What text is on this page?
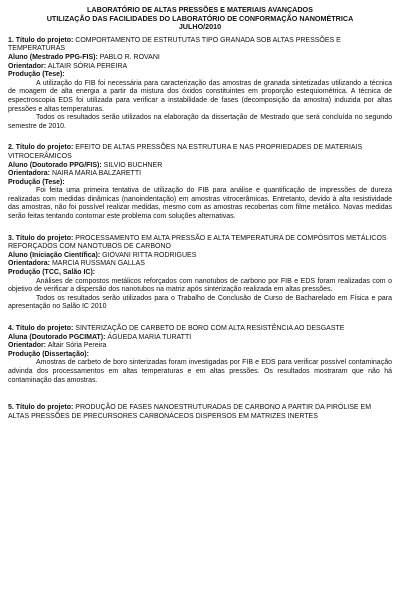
LABORATÓRIO DE ALTAS PRESSÕES E MATERIAIS AVANÇADOS
UTILIZAÇÃO DAS FACILIDADES DO LABORATÓRIO DE CONFORMAÇÃO NANOMÉTRICA
JULHO/2010
1. Título do projeto: COMPORTAMENTO DE ESTRUTUTAS TIPO GRANADA SOB ALTAS PRESSÕES E TEMPERATURAS
Aluno (Mestrado PPG-FIS): PABLO R. ROVANI
Orientador: ALTAIR SÓRIA PEREIRA
Produção (Tese):

A utilização do FIB foi necessária para caracterização das amostras de granada sintetizadas utilizando a técnica de moagem de alta energia a partir da mistura dos óxidos constituintes em proporção estequiométrica. A técnica de espectroscopia EDS foi utilizada para verificar a instabilidade de fases (decomposição da amostra) induzida por altas pressões e altas temperaturas.

Todos os resultados serão utilizados na elaboração da dissertação de Mestrado que será concluída no segundo semestre de 2010.

2. Título do projeto: EFEITO DE ALTAS PRESSÕES NA ESTRUTURA E NAS PROPRIEDADES DE MATERIAIS VITROCERÂMICOS
Aluno (Doutorado PPG/FIS): SILVIO BUCHNER
Orientadora: NAIRA MARIA BALZARETTI
Produção (Tese):

Foi feita uma primeira tentativa de utilização do FIB para análise e quantificação de impressões de dureza realizadas com medidas dinâmicas (nanoindentação) em amostras vitrocerâmicas. Entretanto, devido à alta resistividade das amostras, não foi possível realizar medidas, mesmo com as amostras recobertas com filme metálico. Novas medidas serão feitas tentando contornar este problema com soluções alternativas.

3. Título do projeto: PROCESSAMENTO EM ALTA PRESSÃO E ALTA TEMPERATURA DE COMPÓSITOS METÁLICOS REFORÇADOS COM NANOTUBOS DE CARBONO
Aluno (Iniciação Científica): GIOVANI RITTA RODRIGUES
Orientadora: MARCIA RUSSMAN GALLAS
Produção (TCC, Salão IC):

Análises de compostos metálicos reforçados com nanotubos de carbono por FIB e EDS foram realizadas com o objetivo de verificar a dispersão dos nanotubos na matriz após sinterização realizada em altas pressões.

Todos os resultados serão utilizados para o Trabalho de Conclusão de Curso de Bacharelado em Física e para apresentação no Salão IC 2010

4. Título do projeto: SINTERIZAÇÃO DE CARBETO DE BORO COM ALTA RESISTÊNCIA AO DESGASTE
Aluna (Doutorado PGCIMAT): ÁGUEDA MARIA TURATTI
Orientador: Altair Sória Pereira
Produção (Dissertação):

Amostras de carbeto de boro sinterizadas foram investigadas por FIB e EDS para verificar possível contaminação advinda dos processamentos em altas temperaturas e em altas pressões. Os resultados mostraram que não há contaminação das amostras.

5. Título do projeto: PRODUÇÃO DE FASES NANOESTRUTURADAS DE CARBONO A PARTIR DA PIRÓLISE EM ALTAS PRESSÕES DE PRECURSORES CARBONÁCEOS DISPERSOS EM MATRIZES INERTES
